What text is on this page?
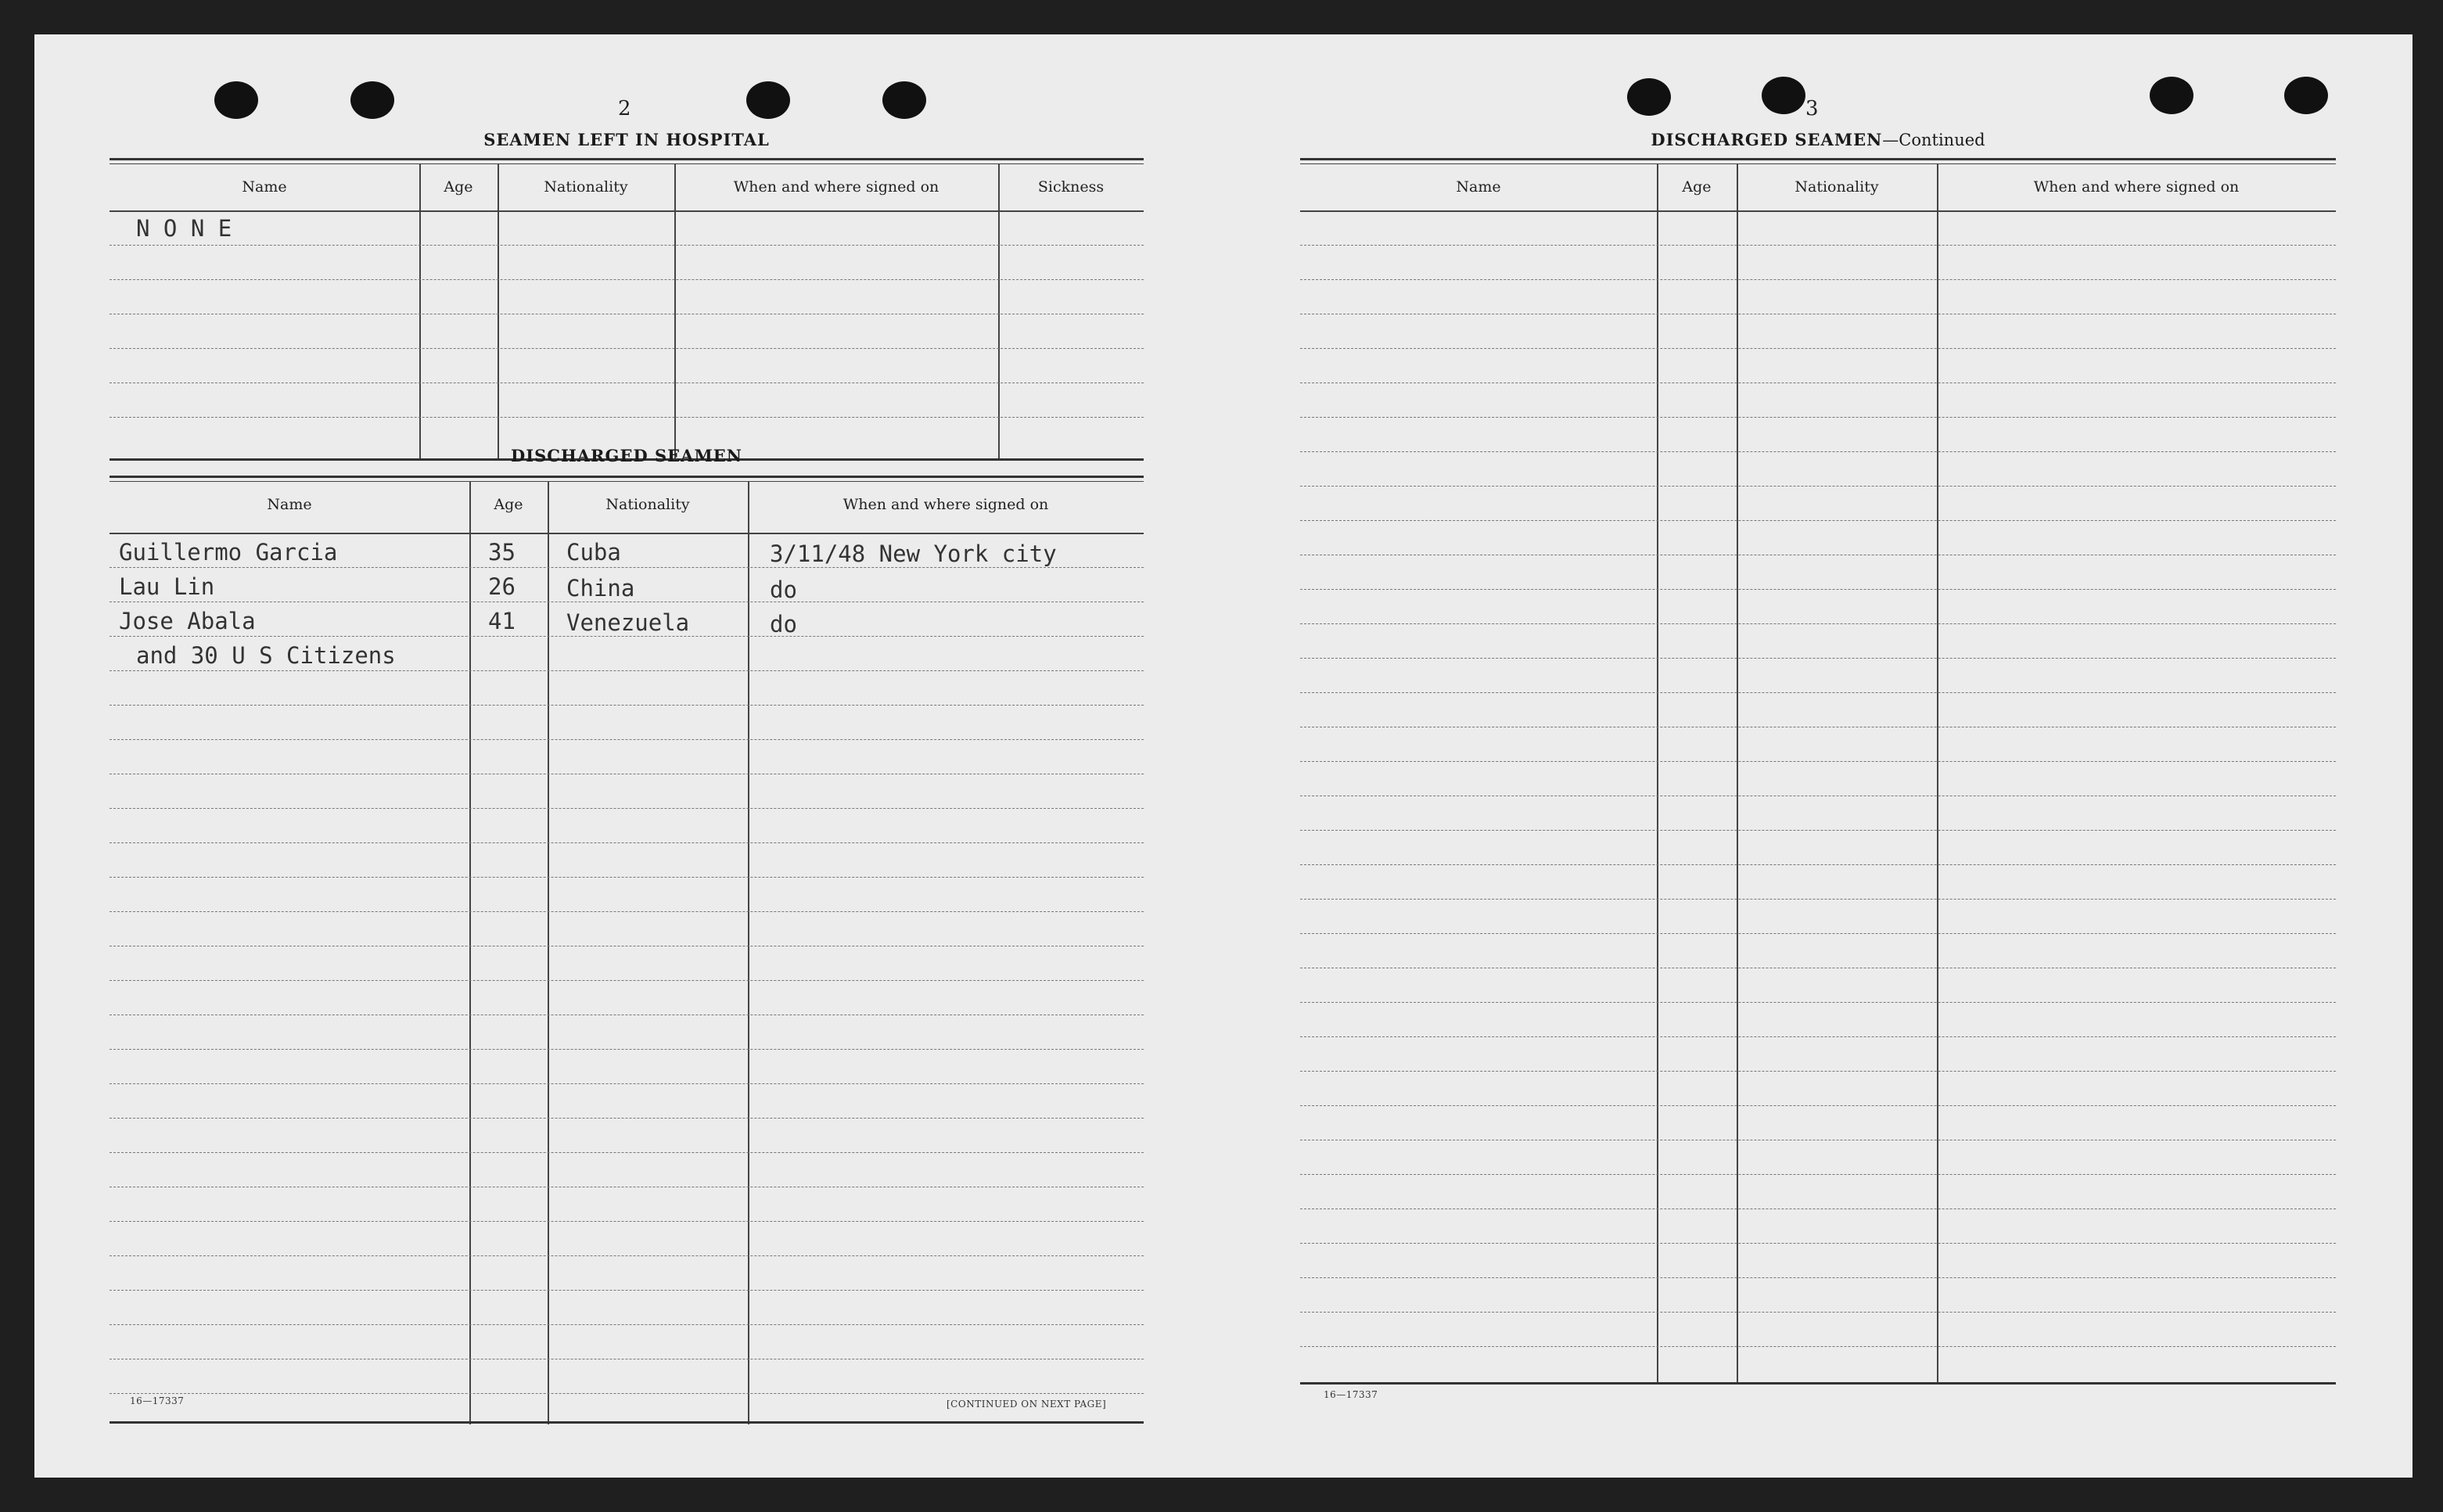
2
SEAMEN LEFT IN HOSPITAL
Name	Age	Nationality	When and where signed on	Sickness
N O N E
DISCHARGED SEAMEN
Name	Age	Nationality	When and where signed on
Guillermo Garcia	35 Cuba	3/11/48 New York city
Lau Lin	26 China	do
Jose Abala	41 Venezuela	do
and 30 U S Citizens
16—17337	[CONTINUED ON NEXT PAGE]
3
DISCHARGED SEAMEN—Continued
Name	Age	Nationality	When and where signed on
16—17337
